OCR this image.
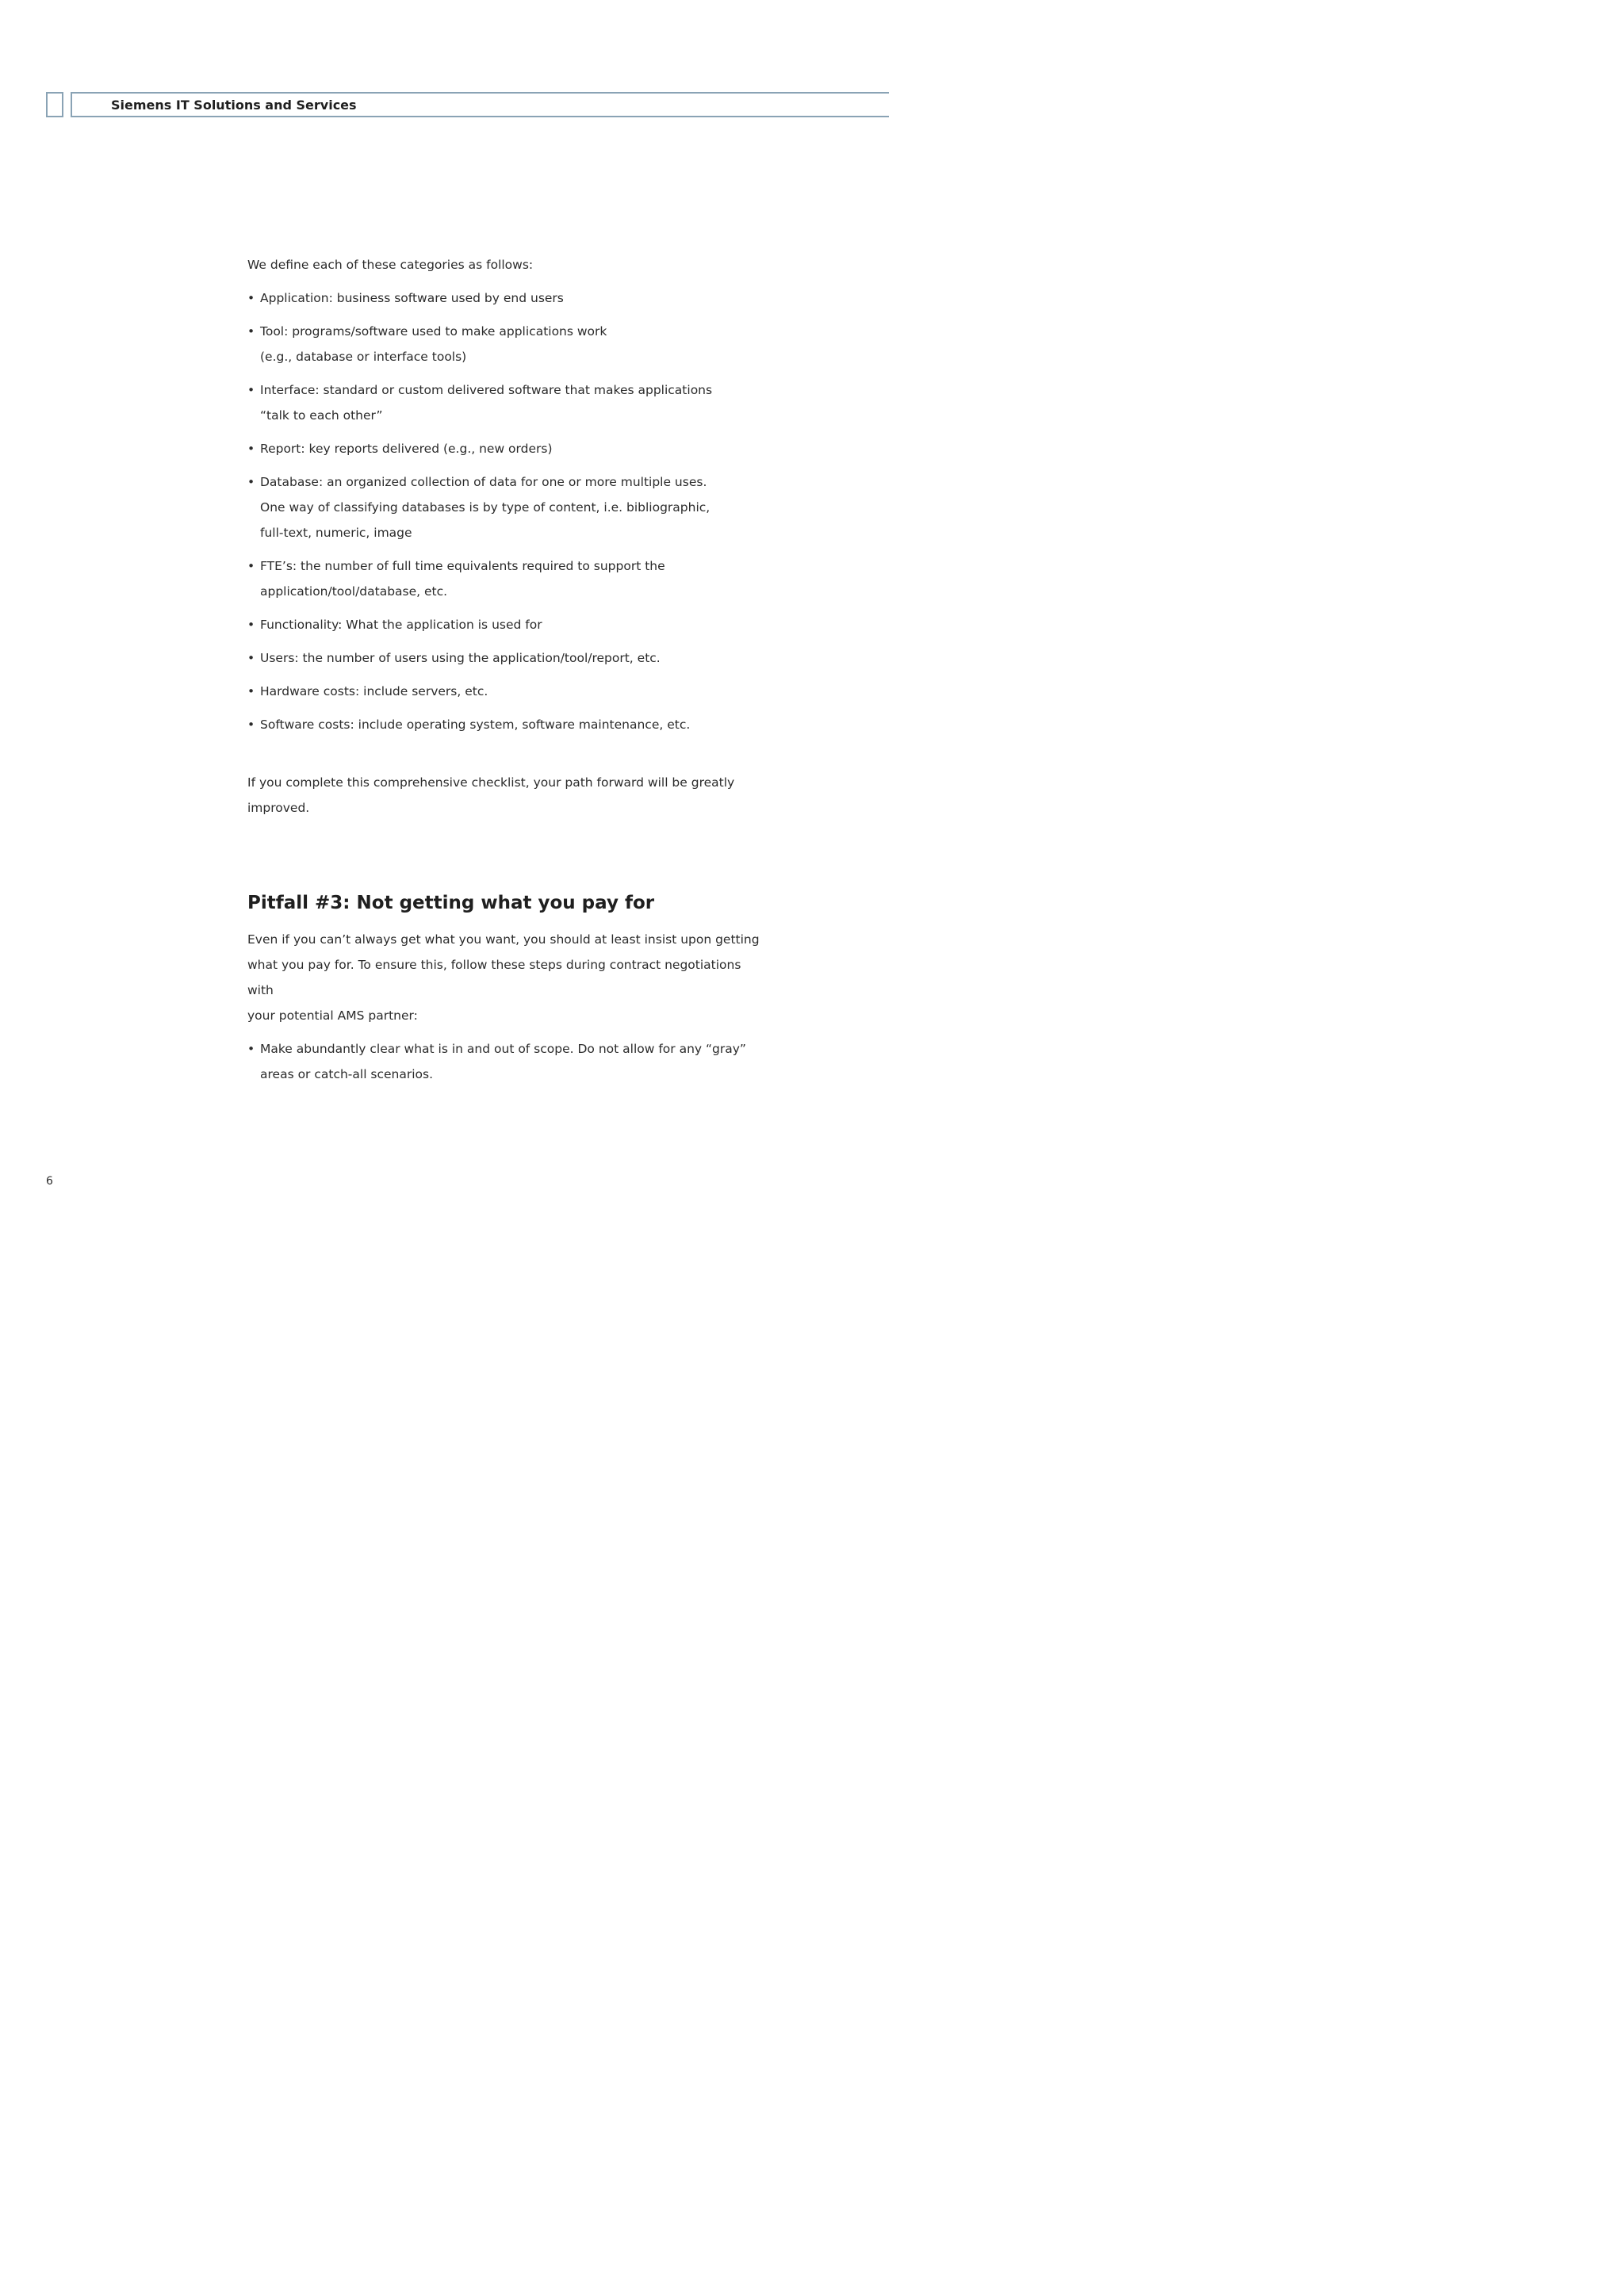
Siemens IT Solutions and Services

We define each of these categories as follows:

• Application: business software used by end users
• Tool: programs/software used to make applications work
(e.g., database or interface tools)
• Interface: standard or custom delivered software that makes applications
“talk to each other”
• Report: key reports delivered (e.g., new orders)
• Database: an organized collection of data for one or more multiple uses.
One way of classifying databases is by type of content, i.e. bibliographic,
full-text, numeric, image
• FTE’s: the number of full time equivalents required to support the
application/tool/database, etc.
• Functionality: What the application is used for
• Users: the number of users using the application/tool/report, etc.
• Hardware costs: include servers, etc.
• Software costs: include operating system, software maintenance, etc.

If you complete this comprehensive checklist, your path forward will be greatly
improved.

Pitfall #3: Not getting what you pay for

Even if you can’t always get what you want, you should at least insist upon getting
what you pay for. To ensure this, follow these steps during contract negotiations with
your potential AMS partner:

• Make abundantly clear what is in and out of scope. Do not allow for any “gray”
areas or catch-all scenarios.
6
